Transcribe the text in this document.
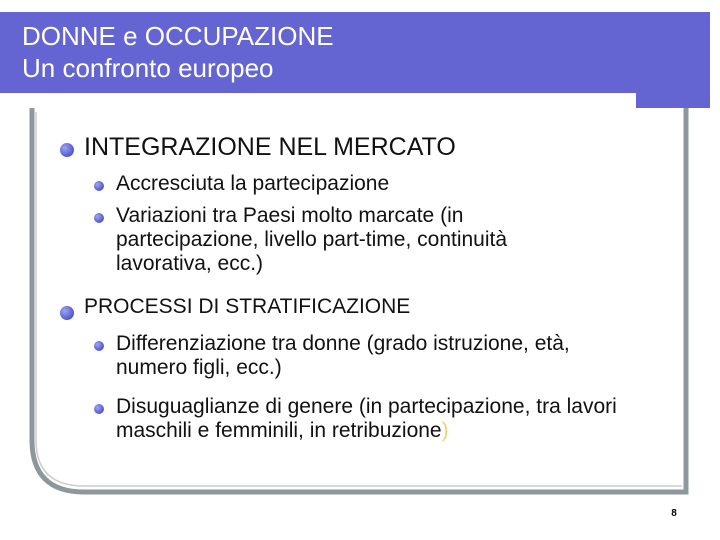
DONNE e OCCUPAZIONE
Un confronto europeo

INTEGRAZIONE NEL MERCATO

Accresciuta la partecipazione

Variazioni tra Paesi molto marcate (in partecipazione, livello part-time, continuità lavorativa, ecc.)

PROCESSI DI STRATIFICAZIONE

Differenziazione tra donne (grado istruzione, età, numero figli, ecc.)

Disuguaglianze di genere (in partecipazione, tra lavori maschili e femminili, in retribuzione)

8
